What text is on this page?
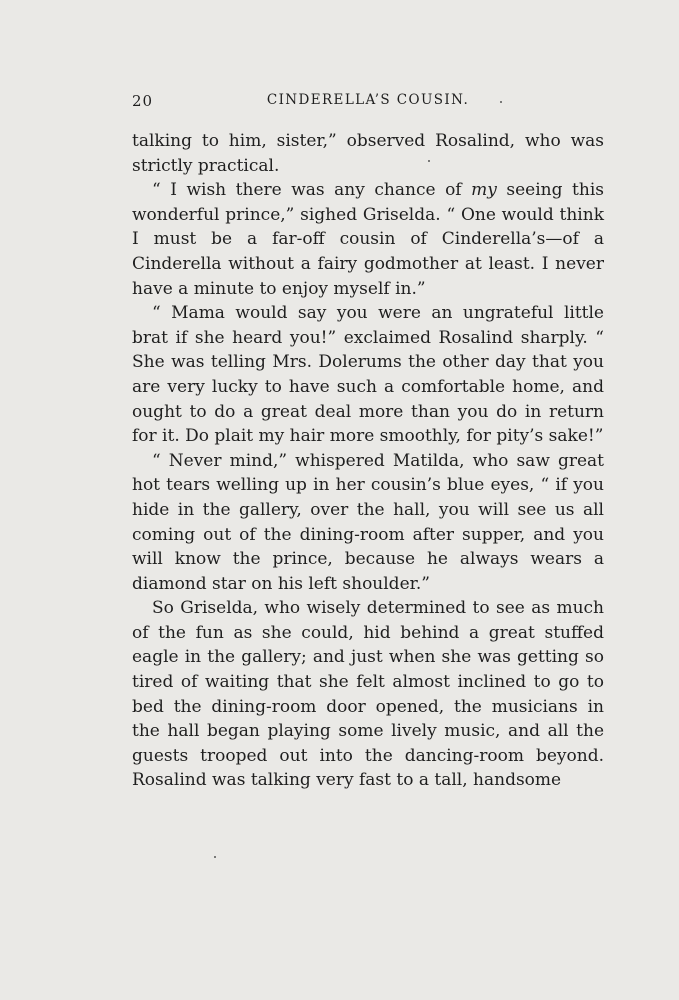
20	CINDERELLA’S COUSIN.

talking to him, sister,” observed Rosalind, who was strictly practical.

“ I wish there was any chance of my seeing this wonderful prince,” sighed Griselda. “ One would think I must be a far-off cousin of Cinderella’s—of a Cinderella without a fairy godmother at least. I never have a minute to enjoy myself in.”

“ Mama would say you were an ungrateful little brat if she heard you!” exclaimed Rosalind sharply. “ She was telling Mrs. Dolerums the other day that you are very lucky to have such a comfortable home, and ought to do a great deal more than you do in return for it. Do plait my hair more smoothly, for pity’s sake!”

“ Never mind,” whispered Matilda, who saw great hot tears welling up in her cousin’s blue eyes, “ if you hide in the gallery, over the hall, you will see us all coming out of the dining-room after supper, and you will know the prince, because he always wears a diamond star on his left shoulder.”

So Griselda, who wisely determined to see as much of the fun as she could, hid behind a great stuffed eagle in the gallery; and just when she was getting so tired of waiting that she felt almost inclined to go to bed the dining-room door opened, the musicians in the hall began playing some lively music, and all the guests trooped out into the dancing-room beyond. Rosalind was talking very fast to a tall, handsome
